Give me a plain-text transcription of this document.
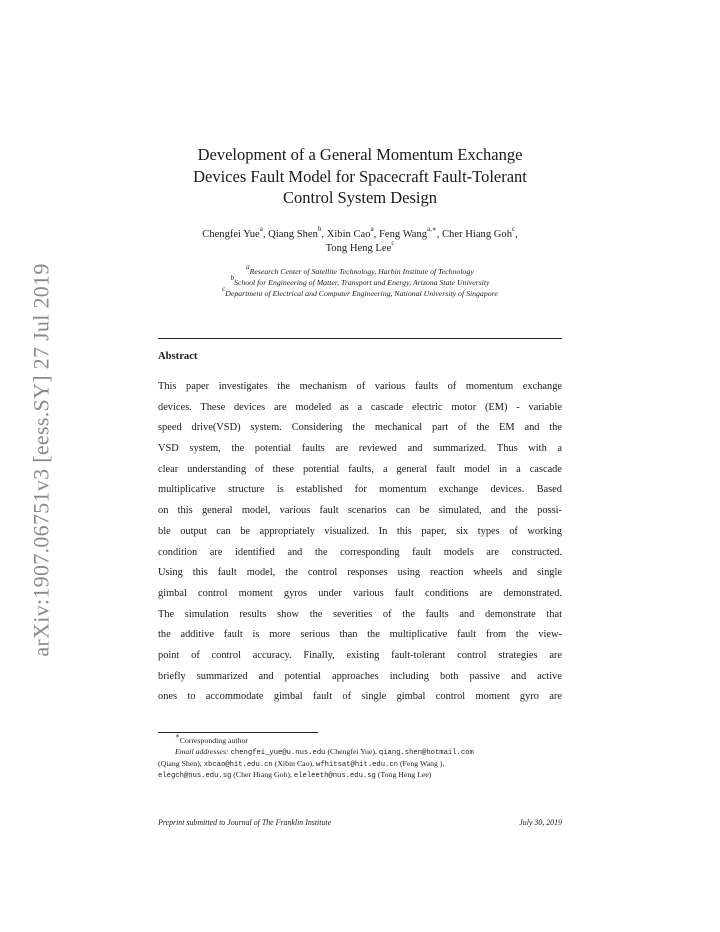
arXiv:1907.06751v3 [eess.SY] 27 Jul 2019
Development of a General Momentum Exchange
Devices Fault Model for Spacecraft Fault-Tolerant
Control System Design
Chengfei Yue$^a$, Qiang Shen$^b$, Xibin Cao$^a$, Feng Wang$^{a,∗}$, Cher Hiang Goh$^c$,
Tong Heng Lee$^c$
$^a$Research Center of Satellite Technology, Harbin Institute of Technology
$^b$School for Engineering of Matter, Transport and Energy, Arizona State University
$^c$Department of Electrical and Computer Engineering, National University of Singapore
Abstract
This paper investigates the mechanism of various faults of momentum exchange
devices. These devices are modeled as a cascade electric motor (EM) - variable
speed drive(VSD) system. Considering the mechanical part of the EM and the
VSD system, the potential faults are reviewed and summarized. Thus with a
clear understanding of these potential faults, a general fault model in a cascade
multiplicative structure is established for momentum exchange devices. Based
on this general model, various fault scenarios can be simulated, and the possi-
ble output can be appropriately visualized. In this paper, six types of working
condition are identified and the corresponding fault models are constructed.
Using this fault model, the control responses using reaction wheels and single
gimbal control moment gyros under various fault conditions are demonstrated.
The simulation results show the severities of the faults and demonstrate that
the additive fault is more serious than the multiplicative fault from the view-
point of control accuracy. Finally, existing fault-tolerant control strategies are
briefly summarized and potential approaches including both passive and active
ones to accommodate gimbal fault of single gimbal control moment gyro are
∗Corresponding author
Email addresses: chengfei_yue@u.nus.edu (Chengfei Yue), qiang.shen@hotmail.com
(Qiang Shen), xbcao@hit.edu.cn (Xibin Cao), wfhitsat@hit.edu.cn (Feng Wang ),
elegch@nus.edu.sg (Cher Hiang Goh), eleleeth@nus.edu.sg (Tong Heng Lee)
Preprint submitted to Journal of The Franklin Institute	July 30, 2019
